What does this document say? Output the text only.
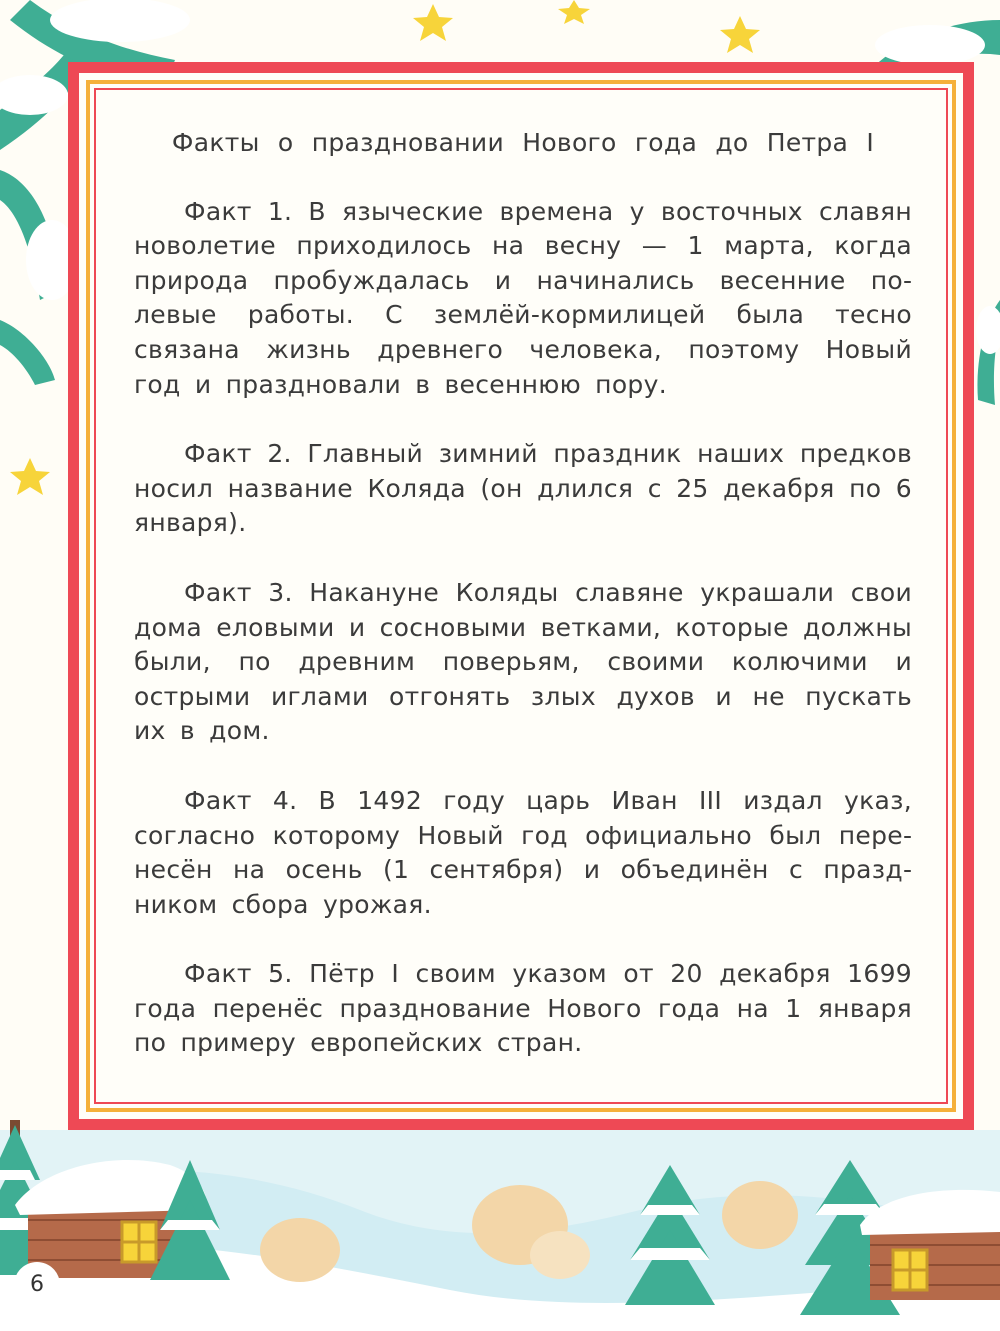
Факты о праздновании Нового года до Петра I

Факт 1. В языческие времена у восточных славян новолетие приходилось на весну — 1 марта, когда природа пробуждалась и начинались весенние полевые работы. С землёй-кормилицей была тесно связана жизнь древнего человека, поэтому Новый год и праздновали в весеннюю пору.

Факт 2. Главный зимний праздник наших предков носил название Коляда (он длился с 25 декабря по 6 января).

Факт 3. Накануне Коляды славяне украшали свои дома еловыми и сосновыми ветками, которые должны были, по древним поверьям, своими колючими и острыми иглами отгонять злых духов и не пускать их в дом.

Факт 4. В 1492 году царь Иван III издал указ, согласно которому Новый год официально был перенесён на осень (1 сентября) и объединён с праздником сбора урожая.

Факт 5. Пётр I своим указом от 20 декабря 1699 года перенёс празднование Нового года на 1 января по примеру европейских стран.

6
